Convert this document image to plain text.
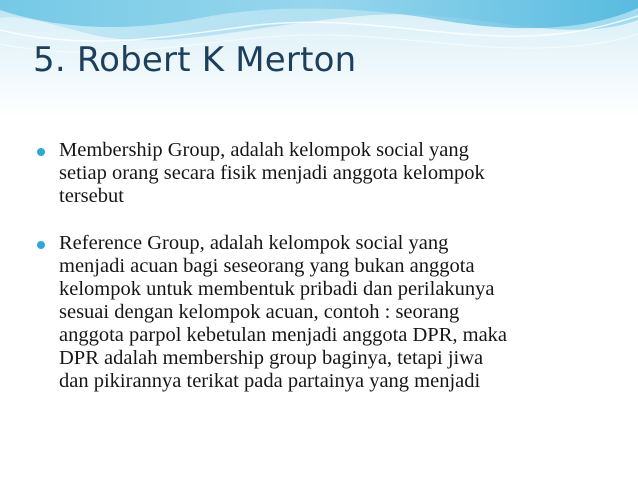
5. Robert K Merton
Membership Group, adalah kelompok social yang
setiap orang secara fisik menjadi anggota kelompok
tersebut
Reference Group, adalah kelompok social yang
menjadi acuan bagi seseorang yang bukan anggota
kelompok untuk membentuk pribadi dan perilakunya
sesuai dengan kelompok acuan, contoh : seorang
anggota parpol kebetulan menjadi anggota DPR, maka
DPR adalah membership group baginya, tetapi jiwa
dan pikirannya terikat pada partainya yang menjadi
